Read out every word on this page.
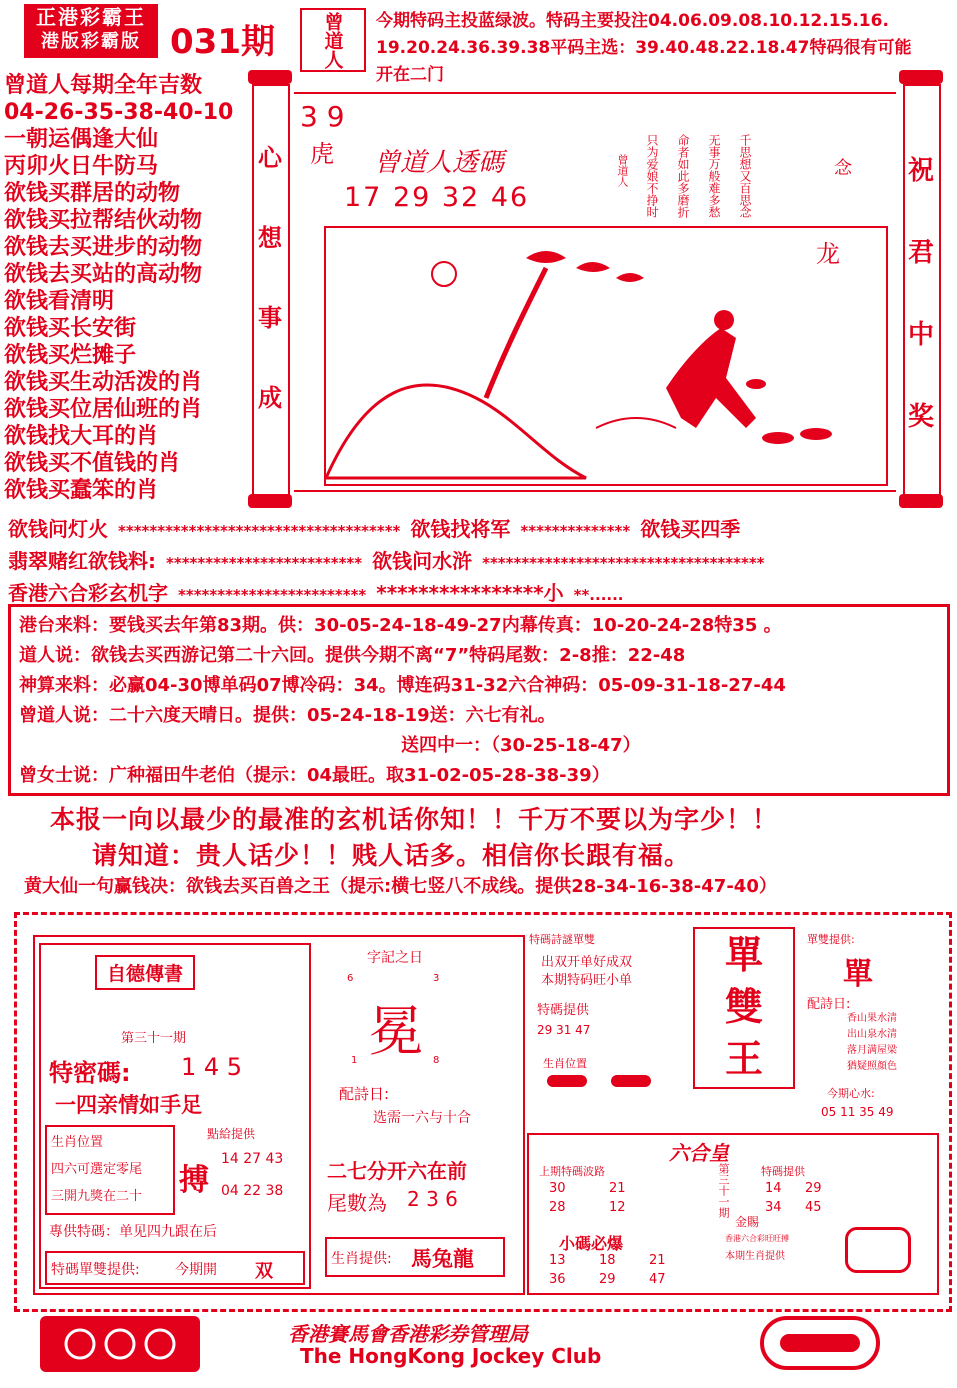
正港彩霸王
港版彩霸版 031期 曾道人 今期特码主投蓝绿波。特码主要投注04.06.09.08.10.12.15.16.
19.20.24.36.39.38平码主选：39.40.48.22.18.47特码很有可能
开在二门
曾道人每期全年吉数
04-26-35-38-40-10
一朝运偶逢大仙
丙卯火日牛防马
欲钱买群居的动物
欲钱买拉帮结伙动物
欲钱去买进步的动物
欲钱去买站的高动物
欲钱看清明
欲钱买长安街
欲钱买烂摊子
欲钱买生动活泼的肖
欲钱买位居仙班的肖
欲钱找大耳的肖
欲钱买不值钱的肖
欲钱买蠢笨的肖
心
想
事
成
祝
君
中
奖
3 9
虎 曾道人透碼
17 29 32 46	千思想又百思念
无事万般难多愁
命者如此多磨折
只为爱娘不挣时
曾道人	念
龙
欲钱问灯火 ************************************ 欲钱找将军 ************** 欲钱买四季
翡翠赌红欲钱料: ************************* 欲钱问水浒 ************************************
香港六合彩玄机字 ************************ ****************小 **......
港台来料：要钱买去年第83期。供：30-05-24-18-49-27内幕传真：10-20-24-28特35 。
道人说：欲钱去买西游记第二十六回。提供今期不离“7”特码尾数：2-8推：22-48
神算来料：必赢04-30博单码07博冷码：34。博连码31-32六合神码：05-09-31-18-27-44
曾道人说：二十六度天晴日。提供：05-24-18-19送：六七有礼。
送四中一：（30-25-18-47）
曾女士说：广种福田牛老伯（提示：04最旺。取31-02-05-28-38-39）
本报一向以最少的最准的玄机话你知！！千万不要以为字少！！
请知道：贵人话少！！贱人话多。相信你长跟有福。
黄大仙一句赢钱决：欲钱去买百兽之王（提示:横七竖八不成线。提供28-34-16-38-47-40）
自德傳書
第三十一期
特密碼: 1 4 5
一四亲情如手足
生肖位置
四六可選定零尾
三開九獎在二十
點給提供
搏
14 27 43
04 22 38
專供特碼：单见四九跟在后
特碼單雙提供:	今期開 双
字記之日
6	3
冕
1	8
配詩日:
选需一六与十合
二七分开六在前
尾數為 2 3 6
生肖提供: 馬兔龍
特碼詩謎單雙
出双开单好成双
本期特码旺小单
特碼提供
29 31 47
生肖位置
單
雙
王
單雙提供:
單
配詩日:
香山果水清
出山泉水清
落月满屋梁
猶疑照顏色
今期心水:
05 11 35 49
六合皇
上期特碼波路
30	21
28	12	第三十一期
金賜
特碼提供
14	29
34	45
小碼必爆
13	18	21
36	29	47
本期生肖提供
香港六合彩旺旺搏
香港賽馬會香港彩券管理局
The HongKong Jockey Club
